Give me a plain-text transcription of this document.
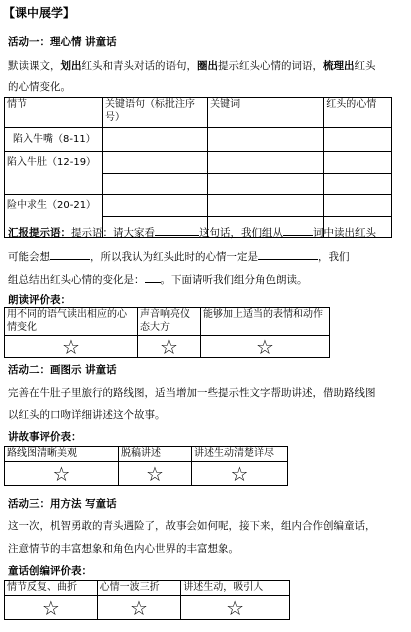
【课中展学】
活动一：理心情 讲童话
默读课文，划出红头和青头对话的语句，圈出提示红头心情的词语，梳理出红头
的心情变化。
情节	关键语句（标批注序号）	关键词	红头的心情
陷入牛嘴（8-11）			
陷入牛肚（12-19）			

险中求生（20-21）			

汇报提示语：提示语：请大家看	这句话，我们组从	词中读出红头
可能会想	，所以我认为红头此时的心情一定是	，我们
组总结出红头心情的变化是： 。下面请听我们组分角色朗读。
朗读评价表：
用不同的语气读出相应的心情变化	声音响亮仪态大方	能够加上适当的表情和动作
☆	☆	☆
活动二：画图示 讲童话
完善在牛肚子里旅行的路线图，适当增加一些提示性文字帮助讲述，借助路线图
以红头的口吻详细讲述这个故事。
讲故事评价表：
路线图清晰美观	脱稿讲述	讲述生动清楚详尽
☆	☆	☆
活动三：用方法 写童话
这一次，机智勇敢的青头遇险了，故事会如何呢，接下来，组内合作创编童话，
注意情节的丰富想象和角色内心世界的丰富想象。
童话创编评价表：
情节反复、曲折	心情一波三折	讲述生动，吸引人
☆	☆	☆
